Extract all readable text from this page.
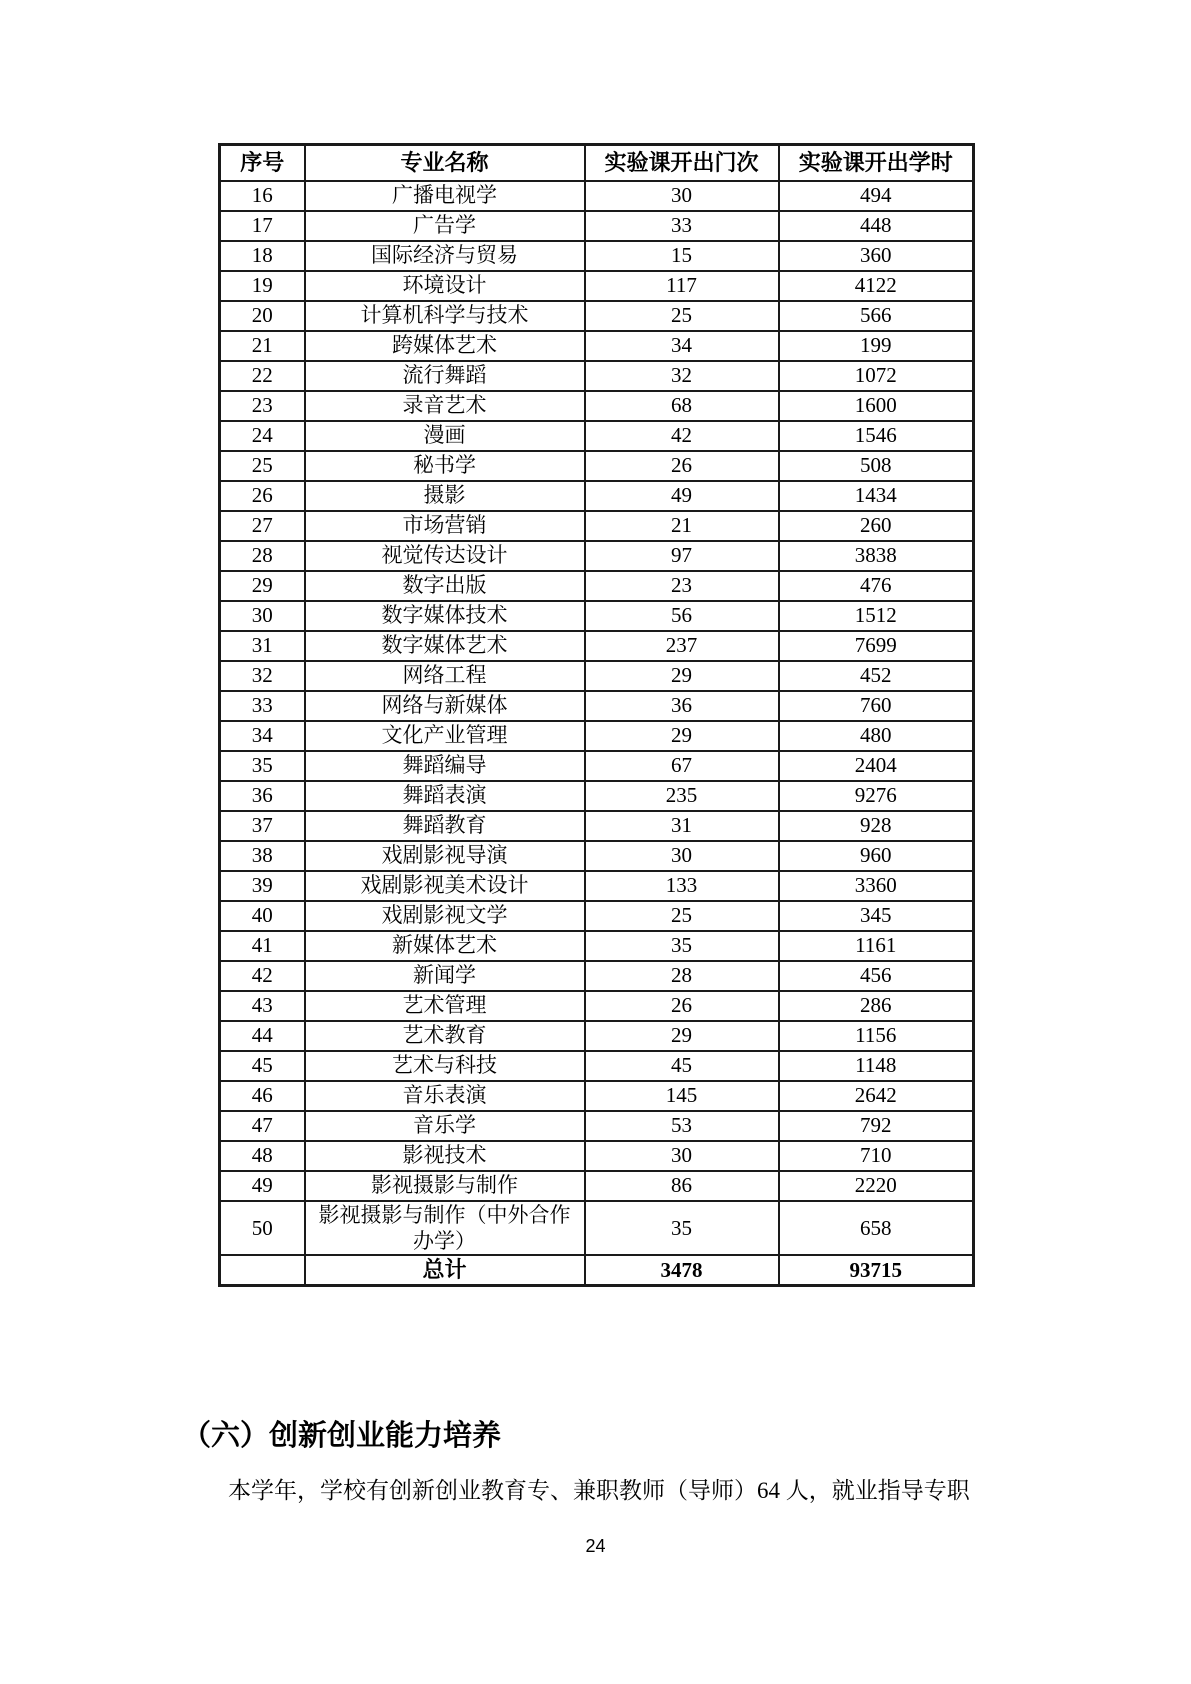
序号	专业名称	实验课开出门次	实验课开出学时
16	广播电视学	30	494
17	广告学	33	448
18	国际经济与贸易	15	360
19	环境设计	117	4122
20	计算机科学与技术	25	566
21	跨媒体艺术	34	199
22	流行舞蹈	32	1072
23	录音艺术	68	1600
24	漫画	42	1546
25	秘书学	26	508
26	摄影	49	1434
27	市场营销	21	260
28	视觉传达设计	97	3838
29	数字出版	23	476
30	数字媒体技术	56	1512
31	数字媒体艺术	237	7699
32	网络工程	29	452
33	网络与新媒体	36	760
34	文化产业管理	29	480
35	舞蹈编导	67	2404
36	舞蹈表演	235	9276
37	舞蹈教育	31	928
38	戏剧影视导演	30	960
39	戏剧影视美术设计	133	3360
40	戏剧影视文学	25	345
41	新媒体艺术	35	1161
42	新闻学	28	456
43	艺术管理	26	286
44	艺术教育	29	1156
45	艺术与科技	45	1148
46	音乐表演	145	2642
47	音乐学	53	792
48	影视技术	30	710
49	影视摄影与制作	86	2220
50	影视摄影与制作（中外合作办学）	35	658
	总计	3478	93715
（六）创新创业能力培养

本学年，学校有创新创业教育专、兼职教师（导师）64 人，就业指导专职

24
